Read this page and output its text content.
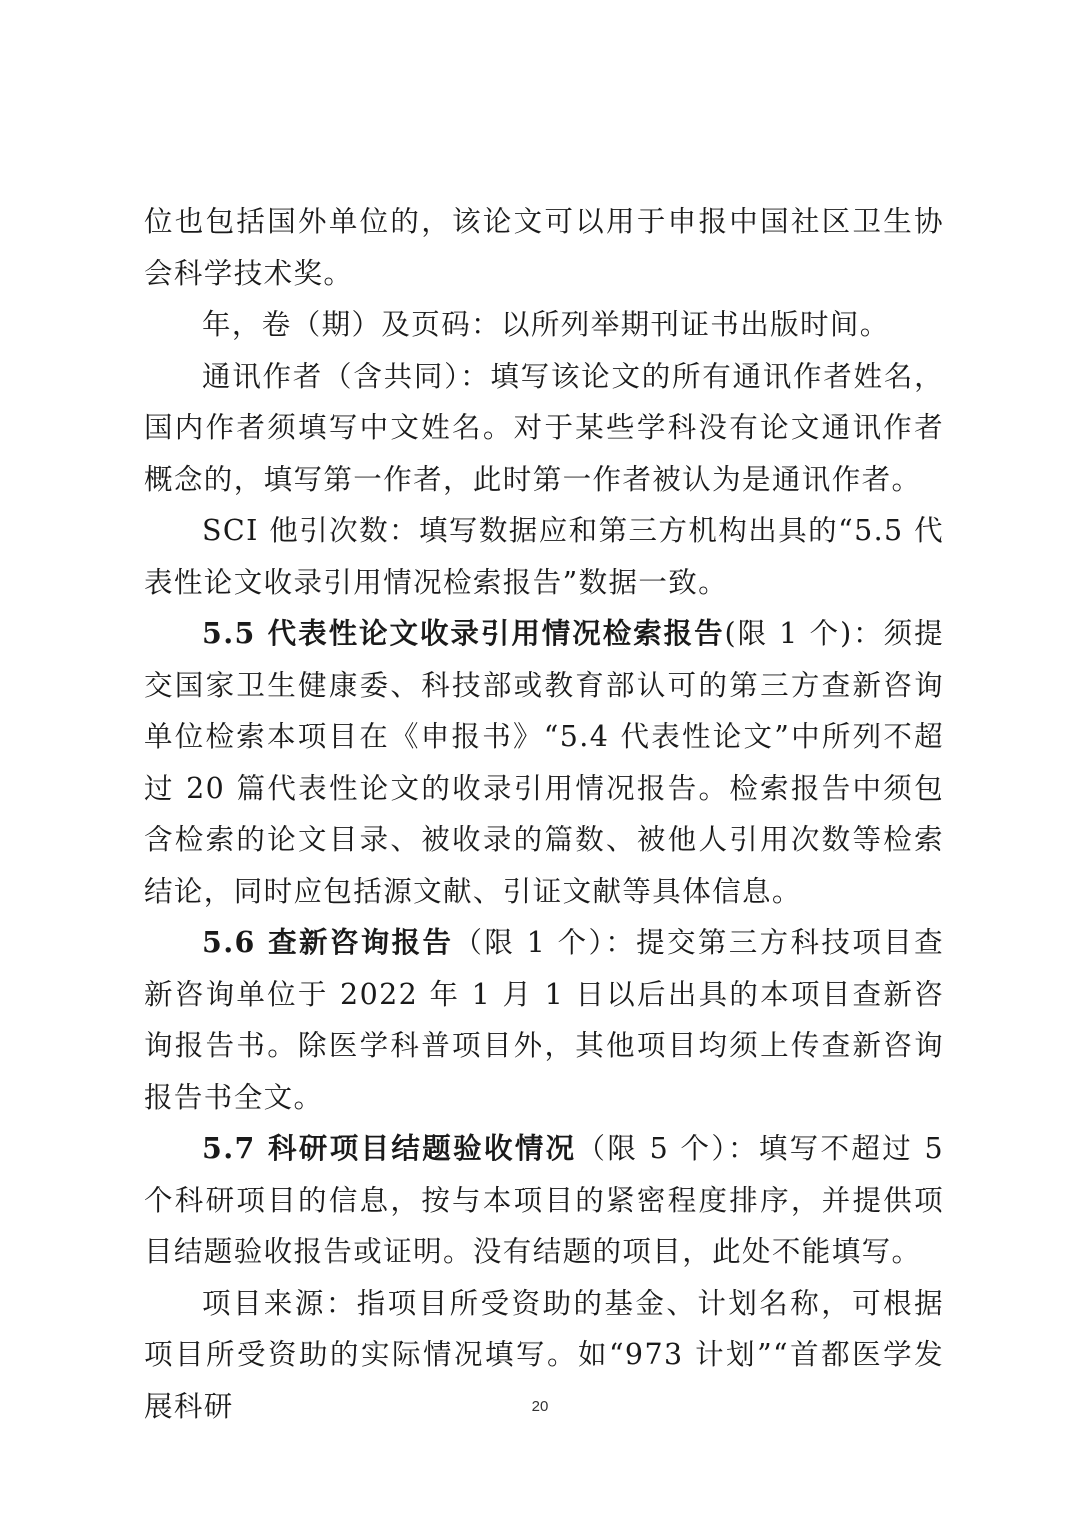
位也包括国外单位的，该论文可以用于申报中国社区卫生协会科学技术奖。

年，卷（期）及页码：以所列举期刊证书出版时间。

通讯作者（含共同）：填写该论文的所有通讯作者姓名，国内作者须填写中文姓名。对于某些学科没有论文通讯作者概念的，填写第一作者，此时第一作者被认为是通讯作者。

SCI 他引次数：填写数据应和第三方机构出具的“5.5 代表性论文收录引用情况检索报告”数据一致。

5.5 代表性论文收录引用情况检索报告(限 1 个)：须提交国家卫生健康委、科技部或教育部认可的第三方查新咨询单位检索本项目在《申报书》“5.4 代表性论文”中所列不超过 20 篇代表性论文的收录引用情况报告。检索报告中须包含检索的论文目录、被收录的篇数、被他人引用次数等检索结论，同时应包括源文献、引证文献等具体信息。

5.6 查新咨询报告（限 1 个）：提交第三方科技项目查新咨询单位于 2022 年 1 月 1 日以后出具的本项目查新咨询报告书。除医学科普项目外，其他项目均须上传查新咨询报告书全文。

5.7 科研项目结题验收情况（限 5 个）：填写不超过 5 个科研项目的信息，按与本项目的紧密程度排序，并提供项目结题验收报告或证明。没有结题的项目，此处不能填写。

项目来源：指项目所受资助的基金、计划名称，可根据项目所受资助的实际情况填写。如“973 计划”“首都医学发展科研	20
